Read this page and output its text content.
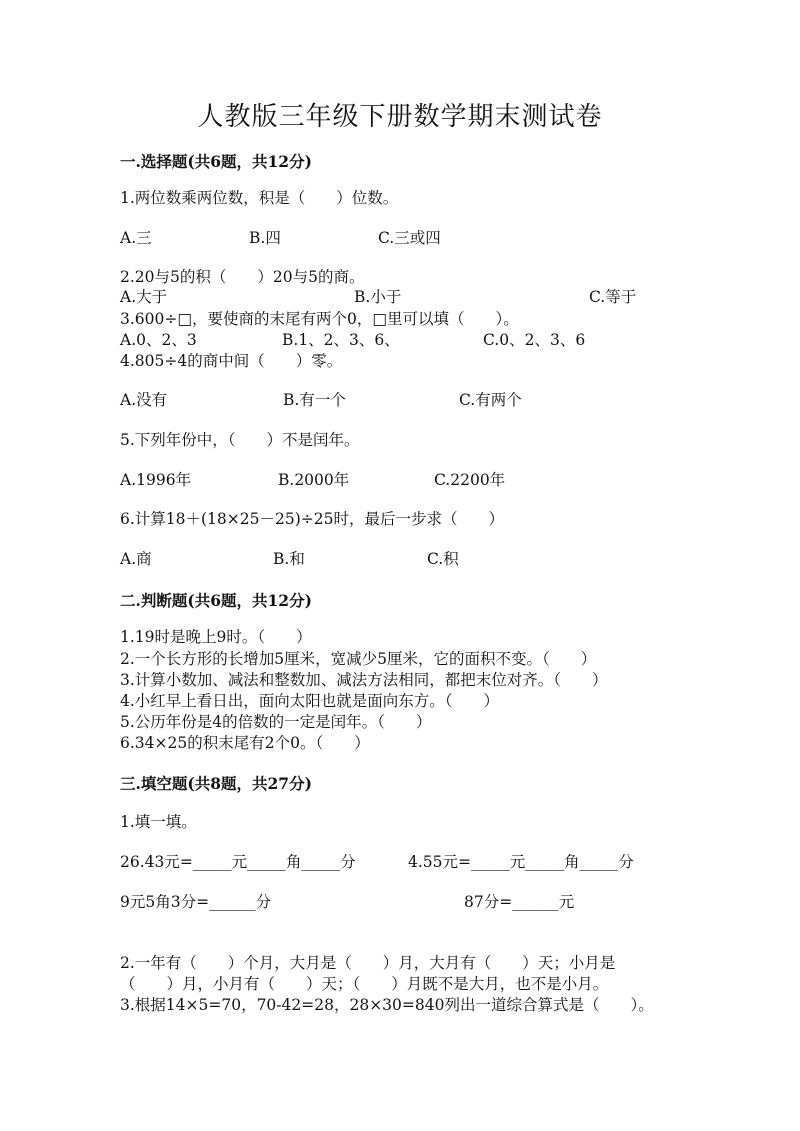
人教版三年级下册数学期末测试卷
一.选择题(共6题，共12分)
1.两位数乘两位数，积是（　　）位数。
A.三	B.四	C.三或四
2.20与5的积（　　）20与5的商。
A.大于	B.小于	C.等于
3.600÷□，要使商的末尾有两个0，□里可以填（　　）。
A.0、2、3	B.1、2、3、6、	C.0、2、3、6
4.805÷4的商中间（　　）零。
A.没有	B.有一个	C.有两个
5.下列年份中，（　　）不是闰年。
A.1996年	B.2000年	C.2200年
6.计算18＋(18×25－25)÷25时，最后一步求（　　）
A.商	B.和	C.积
二.判断题(共6题，共12分)
1.19时是晚上9时。（　　）
2.一个长方形的长增加5厘米，宽减少5厘米，它的面积不变。（　　）
3.计算小数加、减法和整数加、减法方法相同，都把末位对齐。（　　）
4.小红早上看日出，面向太阳也就是面向东方。（　　）
5.公历年份是4的倍数的一定是闰年。（　　）
6.34×25的积末尾有2个0。（　　）
三.填空题(共8题，共27分)
1.填一填。
26.43元=_____元_____角_____分	4.55元=_____元_____角_____分
9元5角3分=______分	87分=______元
2.一年有（　　）个月，大月是（　　）月，大月有（　　）天；小月是
（　　）月，小月有（　　）天；（　　）月既不是大月，也不是小月。
3.根据14×5=70，70-42=28，28×30=840列出一道综合算式是（　　）。
